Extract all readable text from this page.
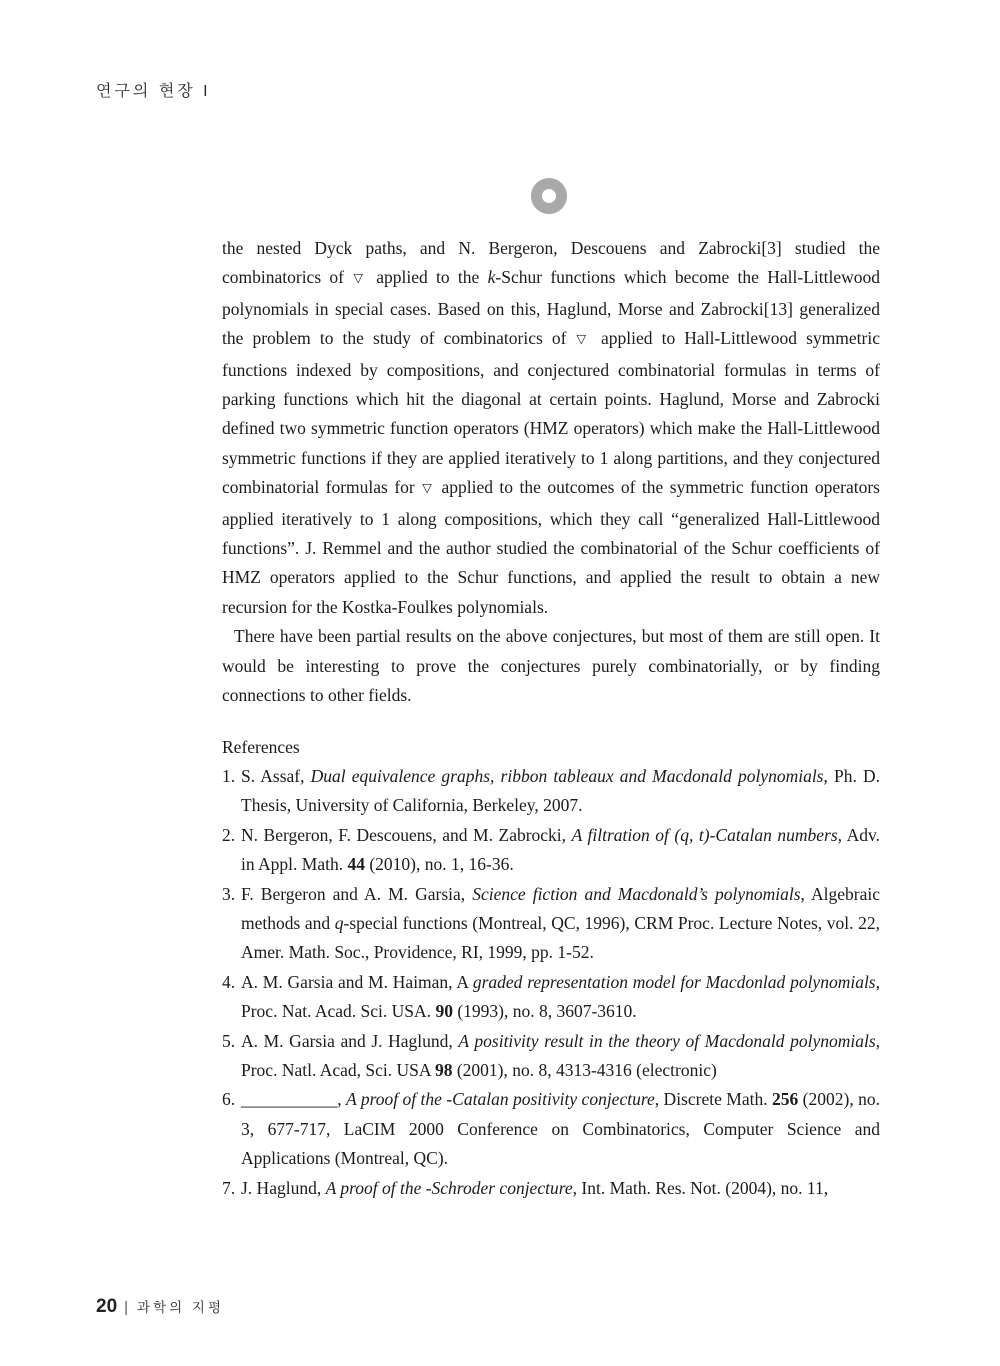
연구의 현장 I

the nested Dyck paths, and N. Bergeron, Descouens and Zabrocki[3] studied the combinatorics of ▽ applied to the k-Schur functions which become the Hall-Littlewood polynomials in special cases. Based on this, Haglund, Morse and Zabrocki[13] generalized the problem to the study of combinatorics of ▽ applied to Hall-Littlewood symmetric functions indexed by compositions, and conjectured combinatorial formulas in terms of parking functions which hit the diagonal at certain points. Haglund, Morse and Zabrocki defined two symmetric function operators (HMZ operators) which make the Hall-Littlewood symmetric functions if they are applied iteratively to 1 along partitions, and they conjectured combinatorial formulas for ▽ applied to the outcomes of the symmetric function operators applied iteratively to 1 along compositions, which they call “generalized Hall-Littlewood functions”. J. Remmel and the author studied the combinatorial of the Schur coefficients of HMZ operators applied to the Schur functions, and applied the result to obtain a new recursion for the Kostka-Foulkes polynomials.

There have been partial results on the above conjectures, but most of them are still open. It would be interesting to prove the conjectures purely combinatorially, or by finding connections to other fields.

References
1. S. Assaf, Dual equivalence graphs, ribbon tableaux and Macdonald polynomials, Ph. D. Thesis, University of California, Berkeley, 2007.
2. N. Bergeron, F. Descouens, and M. Zabrocki, A filtration of (q, t)-Catalan numbers, Adv. in Appl. Math. 44 (2010), no. 1, 16-36.
3. F. Bergeron and A. M. Garsia, Science fiction and Macdonald’s polynomials, Algebraic methods and q-special functions (Montreal, QC, 1996), CRM Proc. Lecture Notes, vol. 22, Amer. Math. Soc., Providence, RI, 1999, pp. 1-52.
4. A. M. Garsia and M. Haiman, A graded representation model for Macdonlad polynomials, Proc. Nat. Acad. Sci. USA. 90 (1993), no. 8, 3607-3610.
5. A. M. Garsia and J. Haglund, A positivity result in the theory of Macdonald polynomials, Proc. Natl. Acad, Sci. USA 98 (2001), no. 8, 4313-4316 (electronic)
6. ___________, A proof of the -Catalan positivity conjecture, Discrete Math. 256 (2002), no. 3, 677-717, LaCIM 2000 Conference on Combinatorics, Computer Science and Applications (Montreal, QC).
7. J. Haglund, A proof of the -Schroder conjecture, Int. Math. Res. Not. (2004), no. 11,
20 | 과학의 지평
